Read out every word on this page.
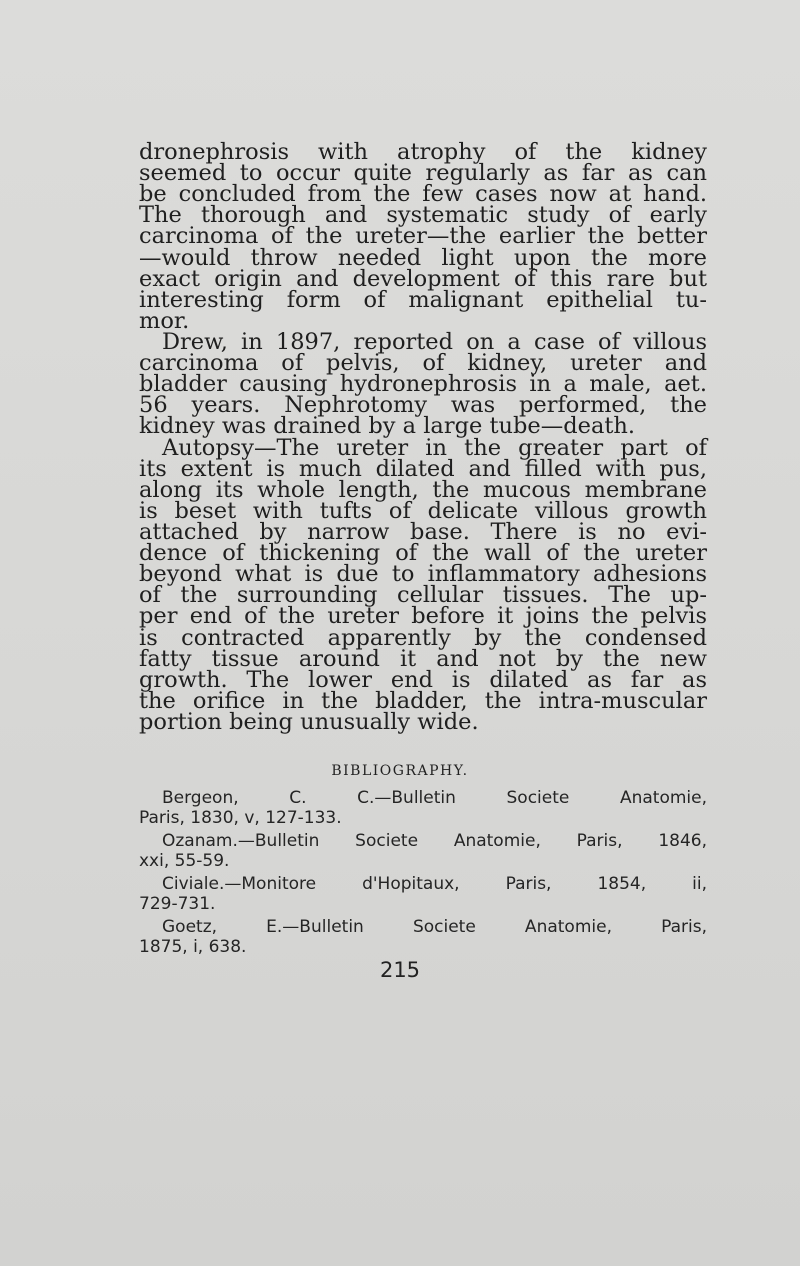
dronephrosis with atrophy of the kidney
seemed to occur quite regularly as far as can
be concluded from the few cases now at hand.
The thorough and systematic study of early
carcinoma of the ureter—the earlier the better
—would throw needed light upon the more
exact origin and development of this rare but
interesting form of malignant epithelial tu-
mor.
Drew, in 1897, reported on a case of villous
carcinoma of pelvis, of kidney, ureter and
bladder causing hydronephrosis in a male, aet.
56 years. Nephrotomy was performed, the
kidney was drained by a large tube—death.
Autopsy—The ureter in the greater part of
its extent is much dilated and filled with pus,
along its whole length, the mucous membrane
is beset with tufts of delicate villous growth
attached by narrow base. There is no evi-
dence of thickening of the wall of the ureter
beyond what is due to inflammatory adhesions
of the surrounding cellular tissues. The up-
per end of the ureter before it joins the pelvis
is contracted apparently by the condensed
fatty tissue around it and not by the new
growth. The lower end is dilated as far as
the orifice in the bladder, the intra-muscular
portion being unusually wide.
BIBLIOGRAPHY.
Bergeon, C. C.—Bulletin Societe Anatomie,
Paris, 1830, v, 127-133.
Ozanam.—Bulletin Societe Anatomie, Paris, 1846,
xxi, 55-59.
Civiale.—Monitore d'Hopitaux, Paris, 1854, ii,
729-731.
Goetz, E.—Bulletin Societe Anatomie, Paris,
1875, i, 638.
215
